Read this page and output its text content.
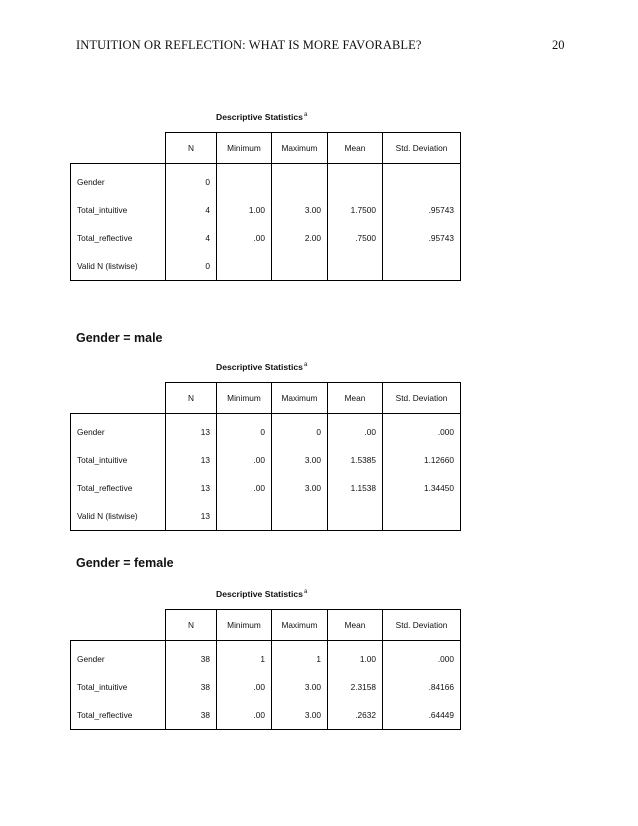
INTUITION OR REFLECTION: WHAT IS MORE FAVORABLE?	20
Descriptive Statistics$^a$
	N	Minimum	Maximum	Mean	Std. Deviation
Gender	0				
Total_intuitive	4	1.00	3.00	1.7500	.95743
Total_reflective	4	.00	2.00	.7500	.95743
Valid N (listwise)	0				
Gender = male
Descriptive Statistics$^a$
	N	Minimum	Maximum	Mean	Std. Deviation
Gender	13	0	0	.00	.000
Total_intuitive	13	.00	3.00	1.5385	1.12660
Total_reflective	13	.00	3.00	1.1538	1.34450
Valid N (listwise)	13				
Gender = female
Descriptive Statistics$^a$
	N	Minimum	Maximum	Mean	Std. Deviation
Gender	38	1	1	1.00	.000
Total_intuitive	38	.00	3.00	2.3158	.84166
Total_reflective	38	.00	3.00	.2632	.64449
